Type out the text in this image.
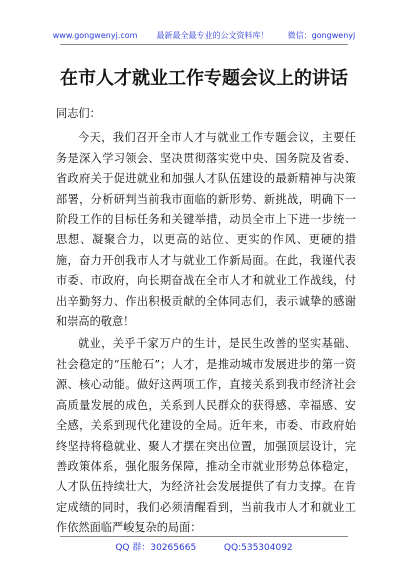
www.gongwenyj.com 最新最全最专业的公文资料库！ 微信：gongwenyj
在市人才就业工作专题会议上的讲话

同志们：

今天，我们召开全市人才与就业工作专题会议，主要任务是深入学习领会、坚决贯彻落实党中央、国务院及省委、省政府关于促进就业和加强人才队伍建设的最新精神与决策部署，分析研判当前我市面临的新形势、新挑战，明确下一阶段工作的目标任务和关键举措，动员全市上下进一步统一思想、凝聚合力，以更高的站位、更实的作风、更硬的措施，奋力开创我市人才与就业工作新局面。在此，我谨代表市委、市政府，向长期奋战在全市人才和就业工作战线，付出辛勤努力、作出积极贡献的全体同志们，表示诚挚的感谢和崇高的敬意！

就业，关乎千家万户的生计，是民生改善的坚实基础、社会稳定的“压舱石”；人才，是推动城市发展进步的第一资源、核心动能。做好这两项工作，直接关系到我市经济社会高质量发展的成色，关系到人民群众的获得感、幸福感、安全感，关系到现代化建设的全局。近年来，市委、市政府始终坚持将稳就业、聚人才摆在突出位置，加强顶层设计，完善政策体系，强化服务保障，推动全市就业形势总体稳定，人才队伍持续壮大，为经济社会发展提供了有力支撑。在肯定成绩的同时，我们必须清醒看到，当前我市人才和就业工作依然面临严峻复杂的局面：

QQ 群：30265665	QQ:535304092
